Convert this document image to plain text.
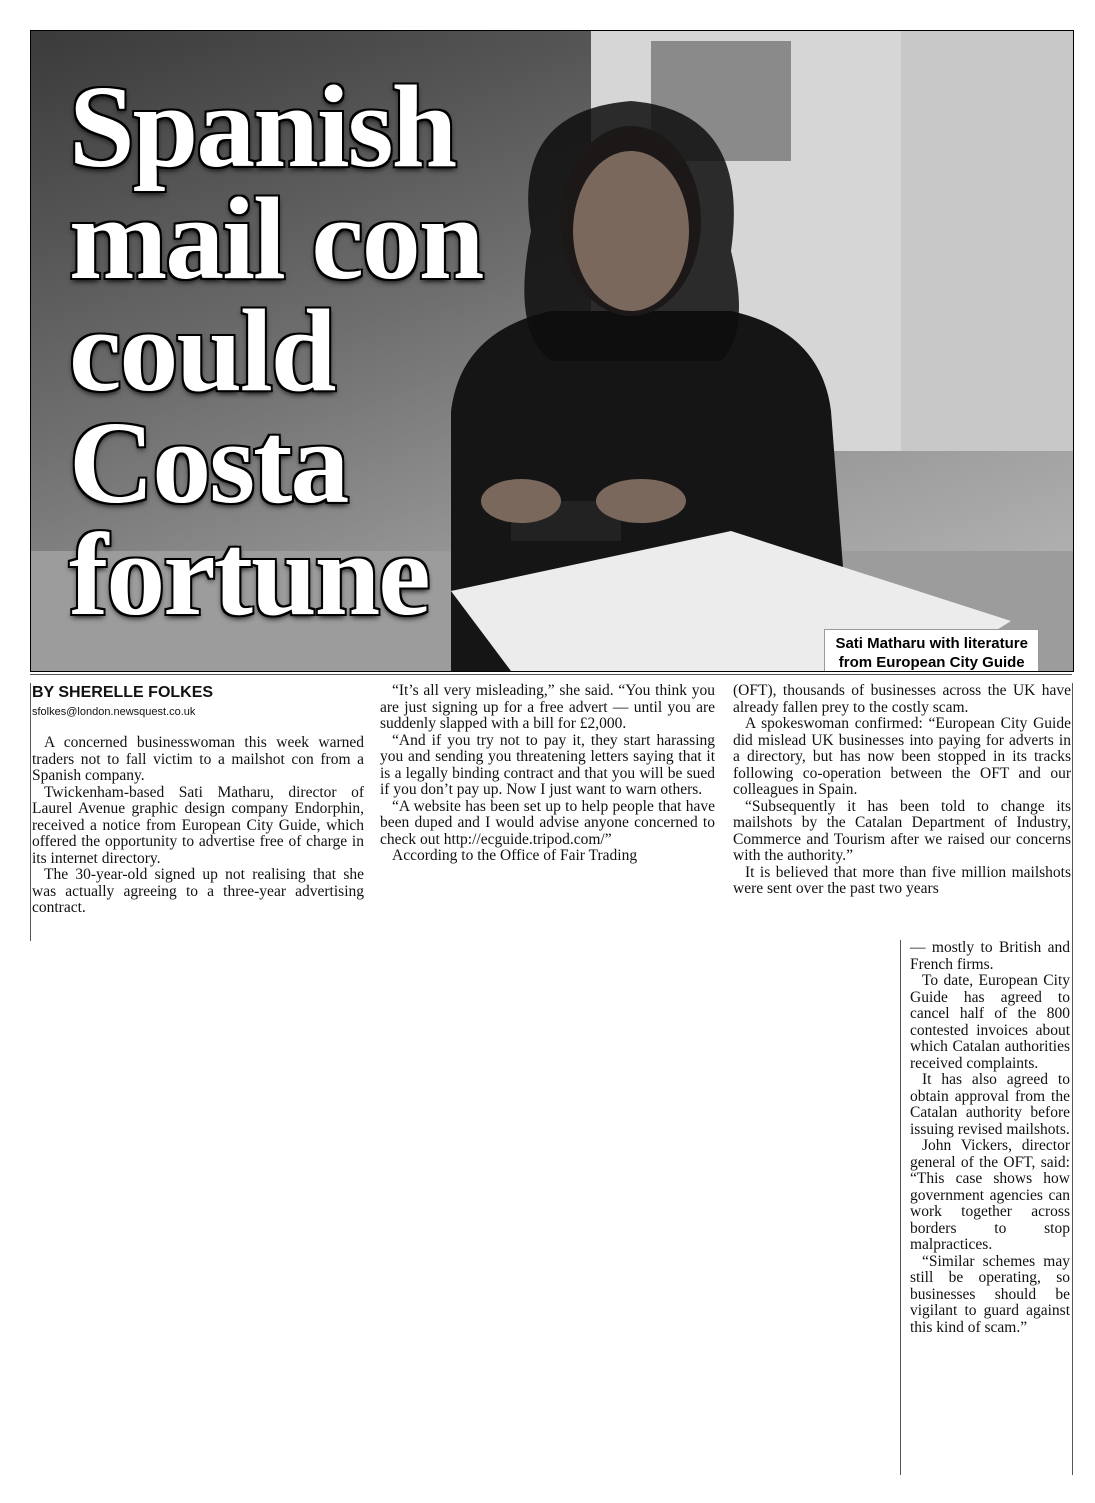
Spanish
mail con
could
Costa
fortune
Sati Matharu with literature
from European City Guide
BY SHERELLE FOLKES
sfolkes@london.newsquest.co.uk

A concerned businesswoman this week warned traders not to fall victim to a mailshot con from a Spanish company.

Twickenham-based Sati Matharu, director of Laurel Avenue graphic design company Endorphin, received a notice from European City Guide, which offered the opportunity to advertise free of charge in its internet directory.

The 30-year-old signed up not realising that she was actually agreeing to a three-year advertising contract.

“It’s all very misleading,” she said. “You think you are just signing up for a free advert — until you are suddenly slapped with a bill for £2,000.

“And if you try not to pay it, they start harassing you and sending you threatening letters saying that it is a legally binding contract and that you will be sued if you don’t pay up. Now I just want to warn others.

“A website has been set up to help people that have been duped and I would advise anyone concerned to check out http://ecguide.tripod.com/”

According to the Office of Fair Trading

(OFT), thousands of businesses across the UK have already fallen prey to the costly scam.

A spokeswoman confirmed: “European City Guide did mislead UK businesses into paying for adverts in a directory, but has now been stopped in its tracks following co-operation between the OFT and our colleagues in Spain.

“Subsequently it has been told to change its mailshots by the Catalan Department of Industry, Commerce and Tourism after we raised our concerns with the authority.”

It is believed that more than five million mailshots were sent over the past two years

— mostly to British and French firms.

To date, European City Guide has agreed to cancel half of the 800 contested invoices about which Catalan authorities received complaints.

It has also agreed to obtain approval from the Catalan authority before issuing revised mailshots.

John Vickers, director general of the OFT, said: “This case shows how government agencies can work together across borders to stop malpractices.

“Similar schemes may still be operating, so businesses should be vigilant to guard against this kind of scam.”
